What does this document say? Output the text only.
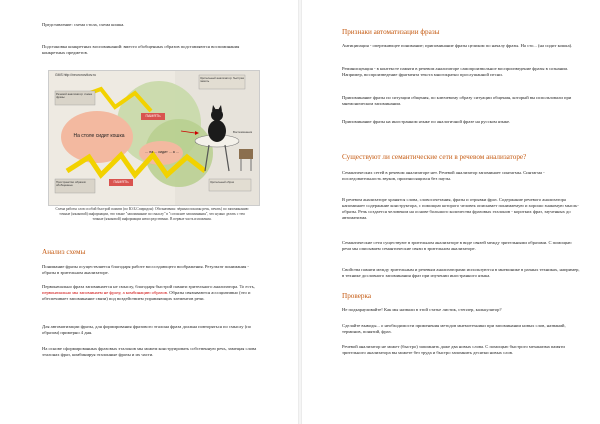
Представление: схема стола, схема кошка.

Подстановка конкретных воспоминаний: вместо обобщенных образов подставляются воспоминания конкретных предметов.

GMS http://neuronovikov.ru
На столе сидит кошка
... на ... сидит ... а ...
ПАМЯТЬ
ПАМЯТЬ
Речевой анализатор: схема фразы
Пространство образов: обобщенные
Зрительный анализатор: быстрая память
Зрительный образ
Воспоминания
Схема работы слов особой быстрой памяти (по Ю.Б.Спиридон): Обозначения: чёрным показан речь, печать) по запоминанию
точные (языковой) информации, что также "запоминание по смыслу" в "согласнее запоминания", что нужно делать с тем
точные (языковой) информации непосредственно. В первые часть изложения.
Анализ схемы

Понимание фразы осуществляется благодаря работе воссоздающего воображения. Результат понимания - образы в зрительном анализаторе.

Первоначально фраза запоминается не смыслу, благодаря быстрой памяти зрительного анализатора. То есть, первоначально мы запоминаем не фразу, а комбинацию образов. Образы связываются ассоциативно (это и обеспечивает запоминание связи) под воздействием управляющих элементов речи.

Для автоматизации фразы, для формирования фразового эталона фраза должна повторяться по смыслу (по образам) примерно 4 дня.

На основе сформированных фразовых эталонов мы можем конструировать собственную речь, замещая слова эталонах фраз, комбинируя эталонные фразы и их части.

Признаки автоматизации фразы

Антиципация - опережающее понимание; припоминание фразы целиком по началу фразы. На сто... (на сидит кошка).

Реминисценция - в контексте памяти в речевом анализаторе самопроизвольное воспроизведение фразы в сознании. Например, воспроизведение фрагмента текста многократно прослушанной песни.

Припоминание фразы по ситуации общения, по ключевому образу ситуации общения, который вы использовали при мнемоническом запоминании.

Припоминание фразы на иностранном языке по аналогичной фразе на русском языке.

Существуют ли семантические сети в речевом анализаторе?

Семантических сетей в речевом анализаторе нет. Речевой анализатор запоминает синтагмы. Синтагма - последовательность звуков, произносящихся без паузы.

В речевом анализаторе хранятся слова, словосочетания, фразы и отрывки фраз. Содержание речевого анализатора напоминает содержание конструктора, с помощью которого человек описывает понимаемую и хорошо знакомую мысль-образы. Речь создается человеком на основе большого количества фразовых эталонов - коротких фраз, заученных до автоматизма.

Семантические сети существуют в зрительном анализаторе в виде связей между зрительными образами. С помощью речи мы описываем семантические связи в зрительном анализаторе.

Свойства памяти между зрительным и речевым анализаторами используются в мнемонике в разных техниках, например, в технике дословного запоминания фраз при изучении иностранного языка.

Проверка

Не подкарауливайте! Как мы назвали в этой статье листик, степлер, калькулятор?

Сделайте выводы... о необходимости применения методов мнемотехники при запоминании новых слов, названий, терминов, понятий, фраз.

Речевой анализатор не может (быстро) запомнить даже два новых слова. С помощью быстрого механизма памяти зрительного анализатора вы можете без труда и быстро запомнить десятки новых слов.
